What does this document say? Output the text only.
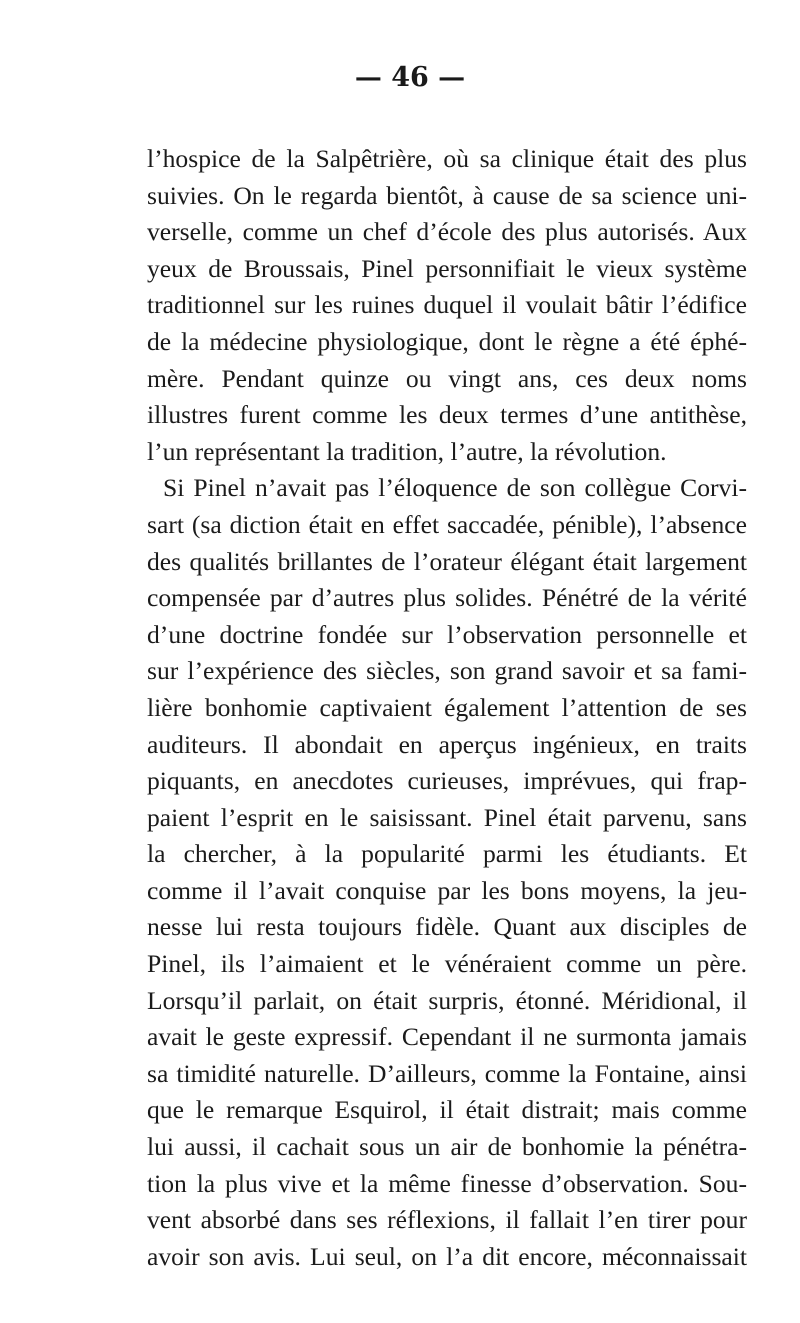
— 46 —
l’hospice de la Salpêtrière, où sa clinique était des plus
suivies. On le regarda bientôt, à cause de sa science uni-
verselle, comme un chef d’école des plus autorisés. Aux
yeux de Broussais, Pinel personnifiait le vieux système
traditionnel sur les ruines duquel il voulait bâtir l’édifice
de la médecine physiologique, dont le règne a été éphé-
mère. Pendant quinze ou vingt ans, ces deux noms
illustres furent comme les deux termes d’une antithèse,
l’un représentant la tradition, l’autre, la révolution.
Si Pinel n’avait pas l’éloquence de son collègue Corvi-
sart (sa diction était en effet saccadée, pénible), l’absence
des qualités brillantes de l’orateur élégant était largement
compensée par d’autres plus solides. Pénétré de la vérité
d’une doctrine fondée sur l’observation personnelle et
sur l’expérience des siècles, son grand savoir et sa fami-
lière bonhomie captivaient également l’attention de ses
auditeurs. Il abondait en aperçus ingénieux, en traits
piquants, en anecdotes curieuses, imprévues, qui frap-
paient l’esprit en le saisissant. Pinel était parvenu, sans
la chercher, à la popularité parmi les étudiants. Et
comme il l’avait conquise par les bons moyens, la jeu-
nesse lui resta toujours fidèle. Quant aux disciples de
Pinel, ils l’aimaient et le vénéraient comme un père.
Lorsqu’il parlait, on était surpris, étonné. Méridional, il
avait le geste expressif. Cependant il ne surmonta jamais
sa timidité naturelle. D’ailleurs, comme la Fontaine, ainsi
que le remarque Esquirol, il était distrait; mais comme
lui aussi, il cachait sous un air de bonhomie la pénétra-
tion la plus vive et la même finesse d’observation. Sou-
vent absorbé dans ses réflexions, il fallait l’en tirer pour
avoir son avis. Lui seul, on l’a dit encore, méconnaissait
